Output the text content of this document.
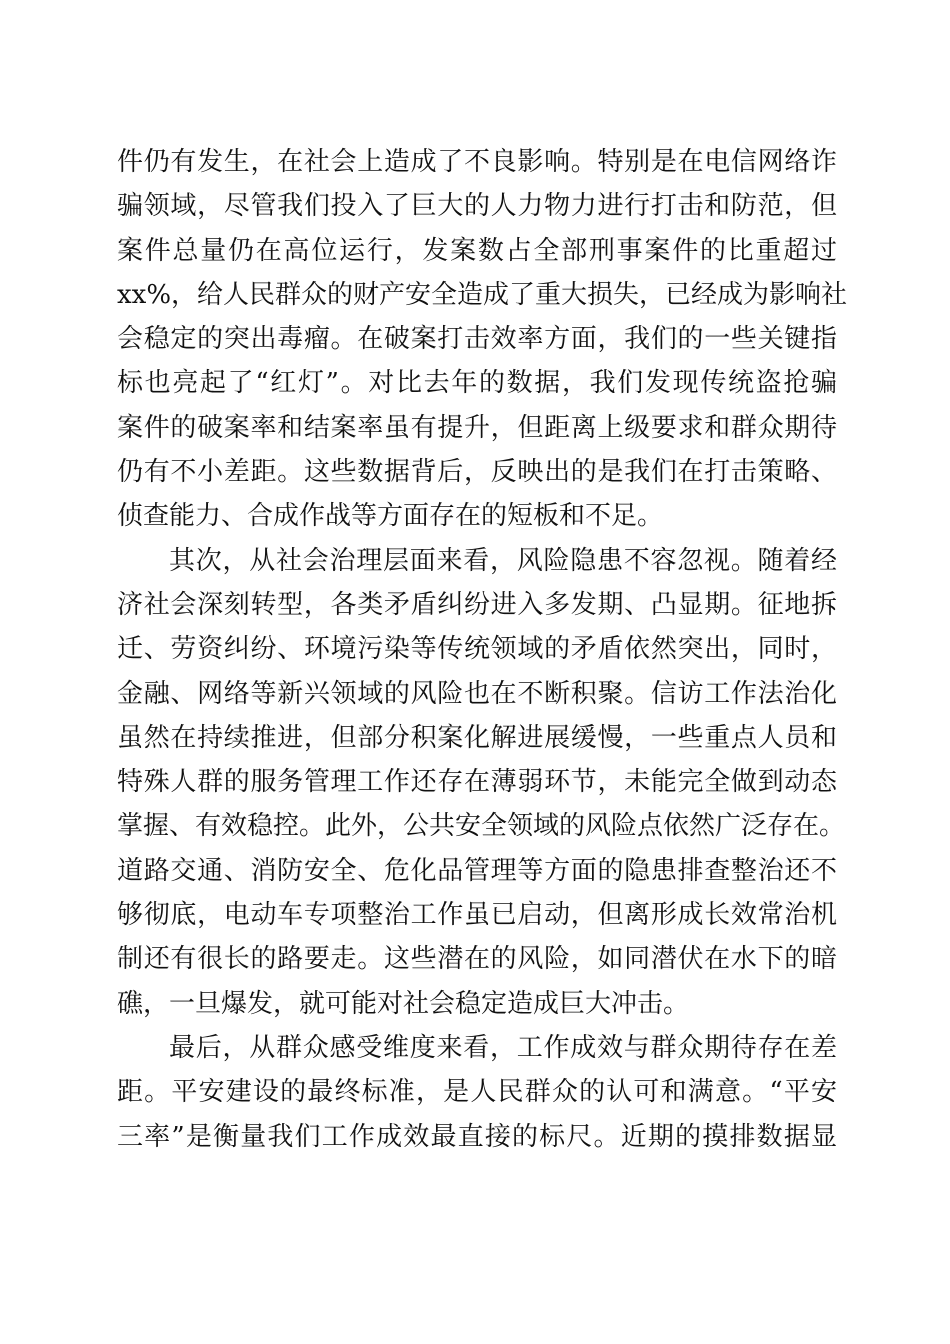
件仍有发生，在社会上造成了不良影响。特别是在电信网络诈
骗领域，尽管我们投入了巨大的人力物力进行打击和防范，但
案件总量仍在高位运行，发案数占全部刑事案件的比重超过
xx%，给人民群众的财产安全造成了重大损失，已经成为影响社
会稳定的突出毒瘤。在破案打击效率方面，我们的一些关键指
标也亮起了“红灯”。对比去年的数据，我们发现传统盗抢骗
案件的破案率和结案率虽有提升，但距离上级要求和群众期待
仍有不小差距。这些数据背后，反映出的是我们在打击策略、
侦查能力、合成作战等方面存在的短板和不足。
其次，从社会治理层面来看，风险隐患不容忽视。随着经
济社会深刻转型，各类矛盾纠纷进入多发期、凸显期。征地拆
迁、劳资纠纷、环境污染等传统领域的矛盾依然突出，同时，
金融、网络等新兴领域的风险也在不断积聚。信访工作法治化
虽然在持续推进，但部分积案化解进展缓慢，一些重点人员和
特殊人群的服务管理工作还存在薄弱环节，未能完全做到动态
掌握、有效稳控。此外，公共安全领域的风险点依然广泛存在。
道路交通、消防安全、危化品管理等方面的隐患排查整治还不
够彻底，电动车专项整治工作虽已启动，但离形成长效常治机
制还有很长的路要走。这些潜在的风险，如同潜伏在水下的暗
礁，一旦爆发，就可能对社会稳定造成巨大冲击。
最后，从群众感受维度来看，工作成效与群众期待存在差
距。平安建设的最终标准，是人民群众的认可和满意。“平安
三率”是衡量我们工作成效最直接的标尺。近期的摸排数据显
